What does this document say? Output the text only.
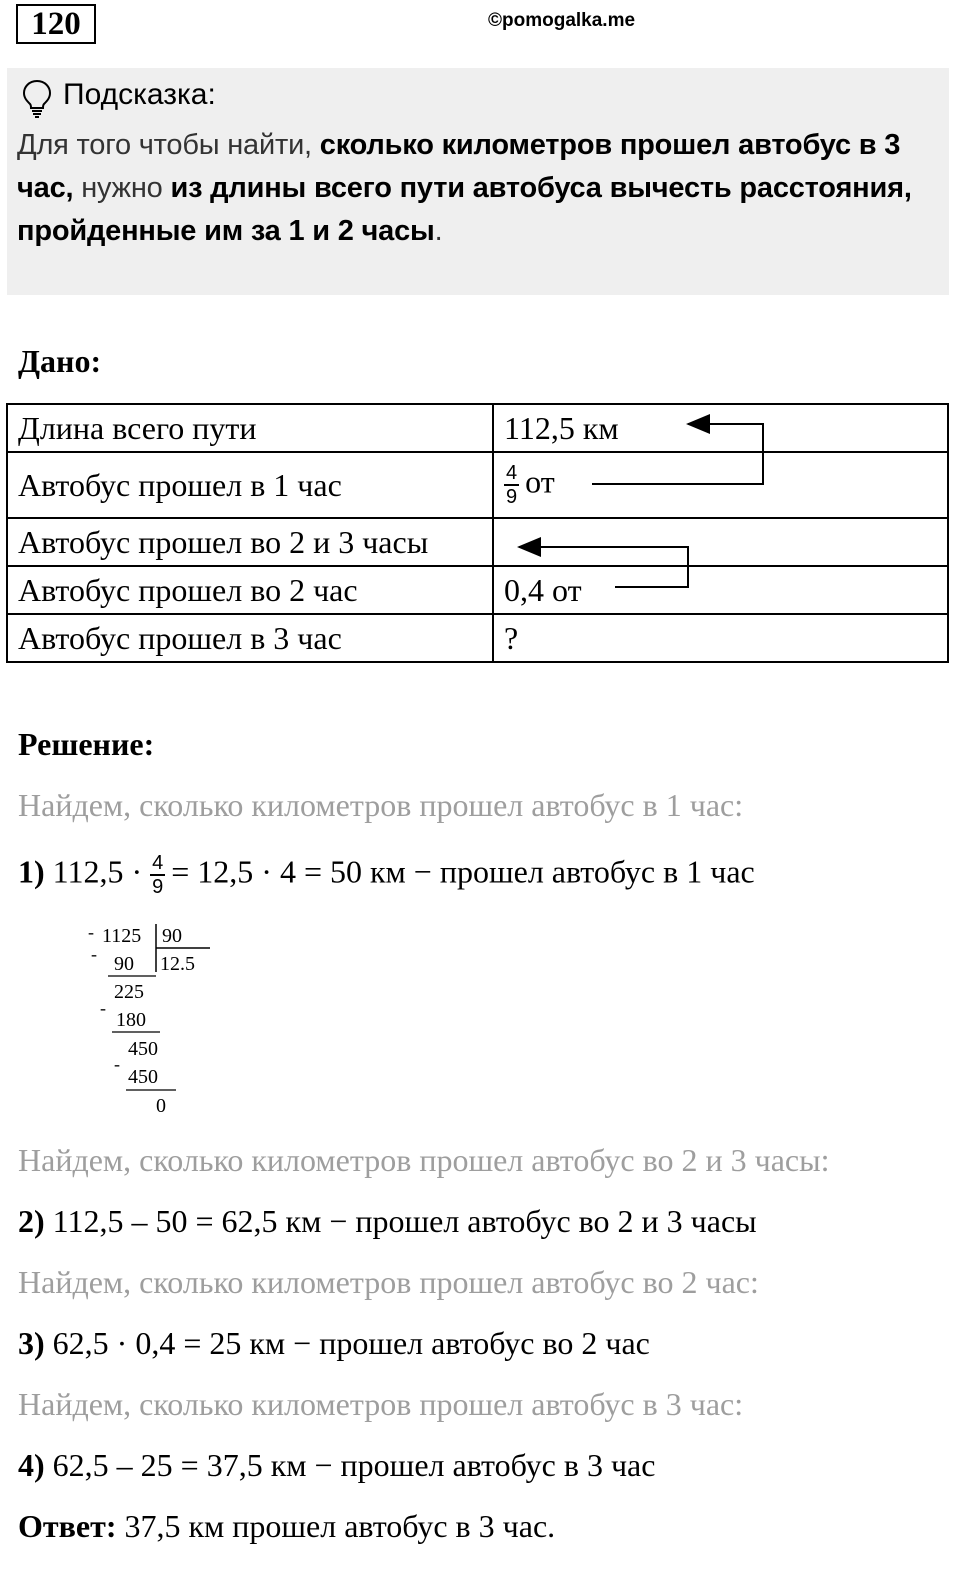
120	©pomogalka.me
Подсказка:
Для того чтобы найти, сколько километров прошел автобус в 3 час, нужно из длины всего пути автобуса вычесть расстояния, пройденные им за 1 и 2 часы.
Дано:
Длина всего пути	112,5 км
Автобус прошел в 1 час	$\frac{4}{9}$ от
Автобус прошел во 2 и 3 часы	
Автобус прошел во 2 час	0,4 от
Автобус прошел в 3 час	?
Решение:
Найдем, сколько километров прошел автобус в 1 час:
1) $112,5 \cdot \frac{4}{9} = 12,5 \cdot 4 = 50$ км − прошел автобус в 1 час
- 1125 90
12.5
- 90
225
-
180
450
-
450
0
Найдем, сколько километров прошел автобус во 2 и 3 часы:
2) 112,5 – 50 = 62,5 км − прошел автобус во 2 и 3 часы
Найдем, сколько километров прошел автобус во 2 час:
3) 62,5 · 0,4 = 25 км − прошел автобус во 2 час
Найдем, сколько километров прошел автобус в 3 час:
4) 62,5 – 25 = 37,5 км − прошел автобус в 3 час
Ответ: 37,5 км прошел автобус в 3 час.
